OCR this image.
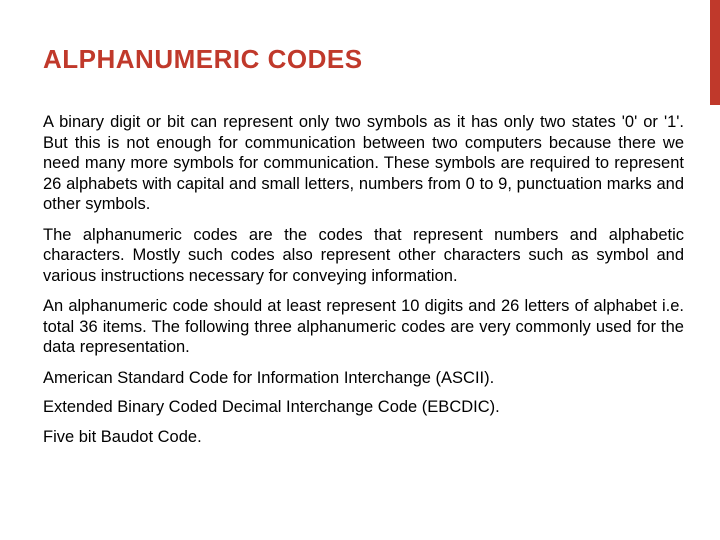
ALPHANUMERIC CODES

A binary digit or bit can represent only two symbols as it has only two states '0' or '1'. But this is not enough for communication between two computers because there we need many more symbols for communication. These symbols are required to represent 26 alphabets with capital and small letters, numbers from 0 to 9, punctuation marks and other symbols.

The alphanumeric codes are the codes that represent numbers and alphabetic characters. Mostly such codes also represent other characters such as symbol and various instructions necessary for conveying information.

An alphanumeric code should at least represent 10 digits and 26 letters of alphabet i.e. total 36 items. The following three alphanumeric codes are very commonly used for the data representation.

American Standard Code for Information Interchange (ASCII).

Extended Binary Coded Decimal Interchange Code (EBCDIC).

Five bit Baudot Code.
